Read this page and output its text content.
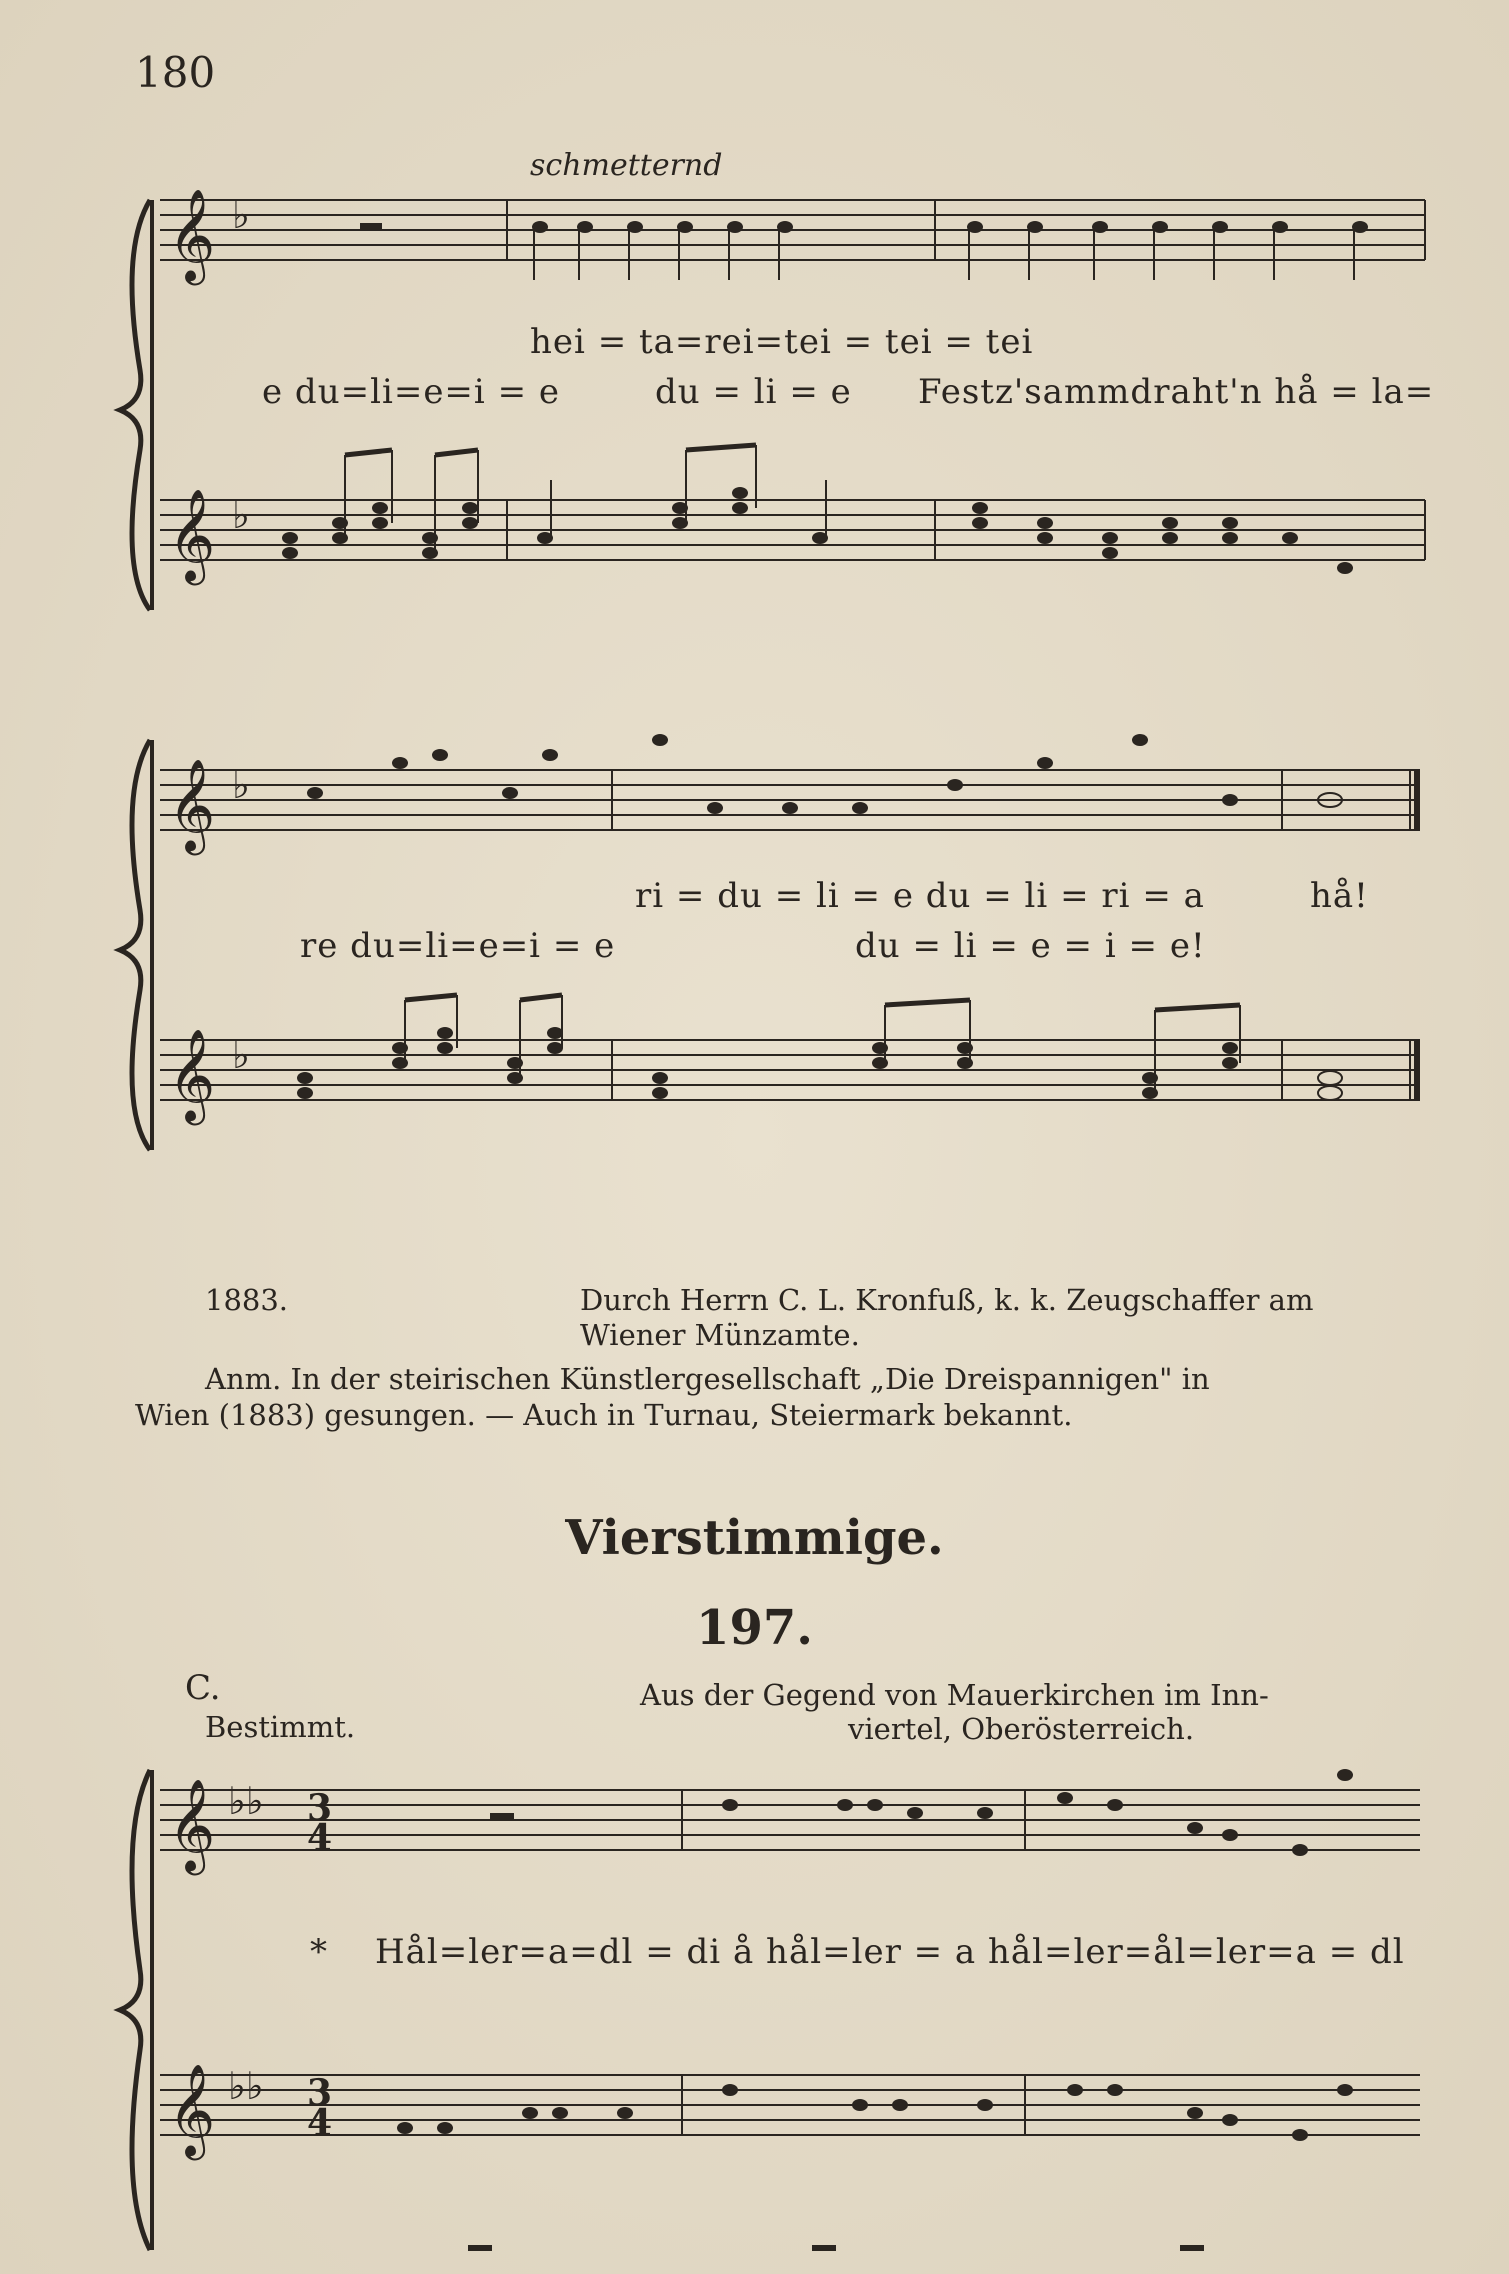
180
schmetternd
𝄞 ♭
𝄞 ♭
hei = ta=rei=tei = tei = tei
e du=li=e=i = e	du = li = e Festz'sammdraht'n hå = la=
𝄞 ♭
𝄞 ♭
ri = du = li = e du = li = ri = a	hå!
re du=li=e=i = e	du = li = e = i = e!
1883.	Durch Herrn C. L. Kronfuß, k. k. Zeugschaffer am
Wiener Münzamte.
Anm. In der steirischen Künstlergesellschaft „Die Dreispannigen" in
Wien (1883) gesungen. — Auch in Turnau, Steiermark bekannt.
Vierstimmige.
197.
C.
Bestimmt.
Aus der Gegend von Mauerkirchen im Inn-
viertel, Oberösterreich.
𝄞 ♭♭ 3
4
𝄞 ♭♭ 3
4
* Hål=ler=a=dl = di å hål=ler = a hål=ler=ål=ler=a = dl
